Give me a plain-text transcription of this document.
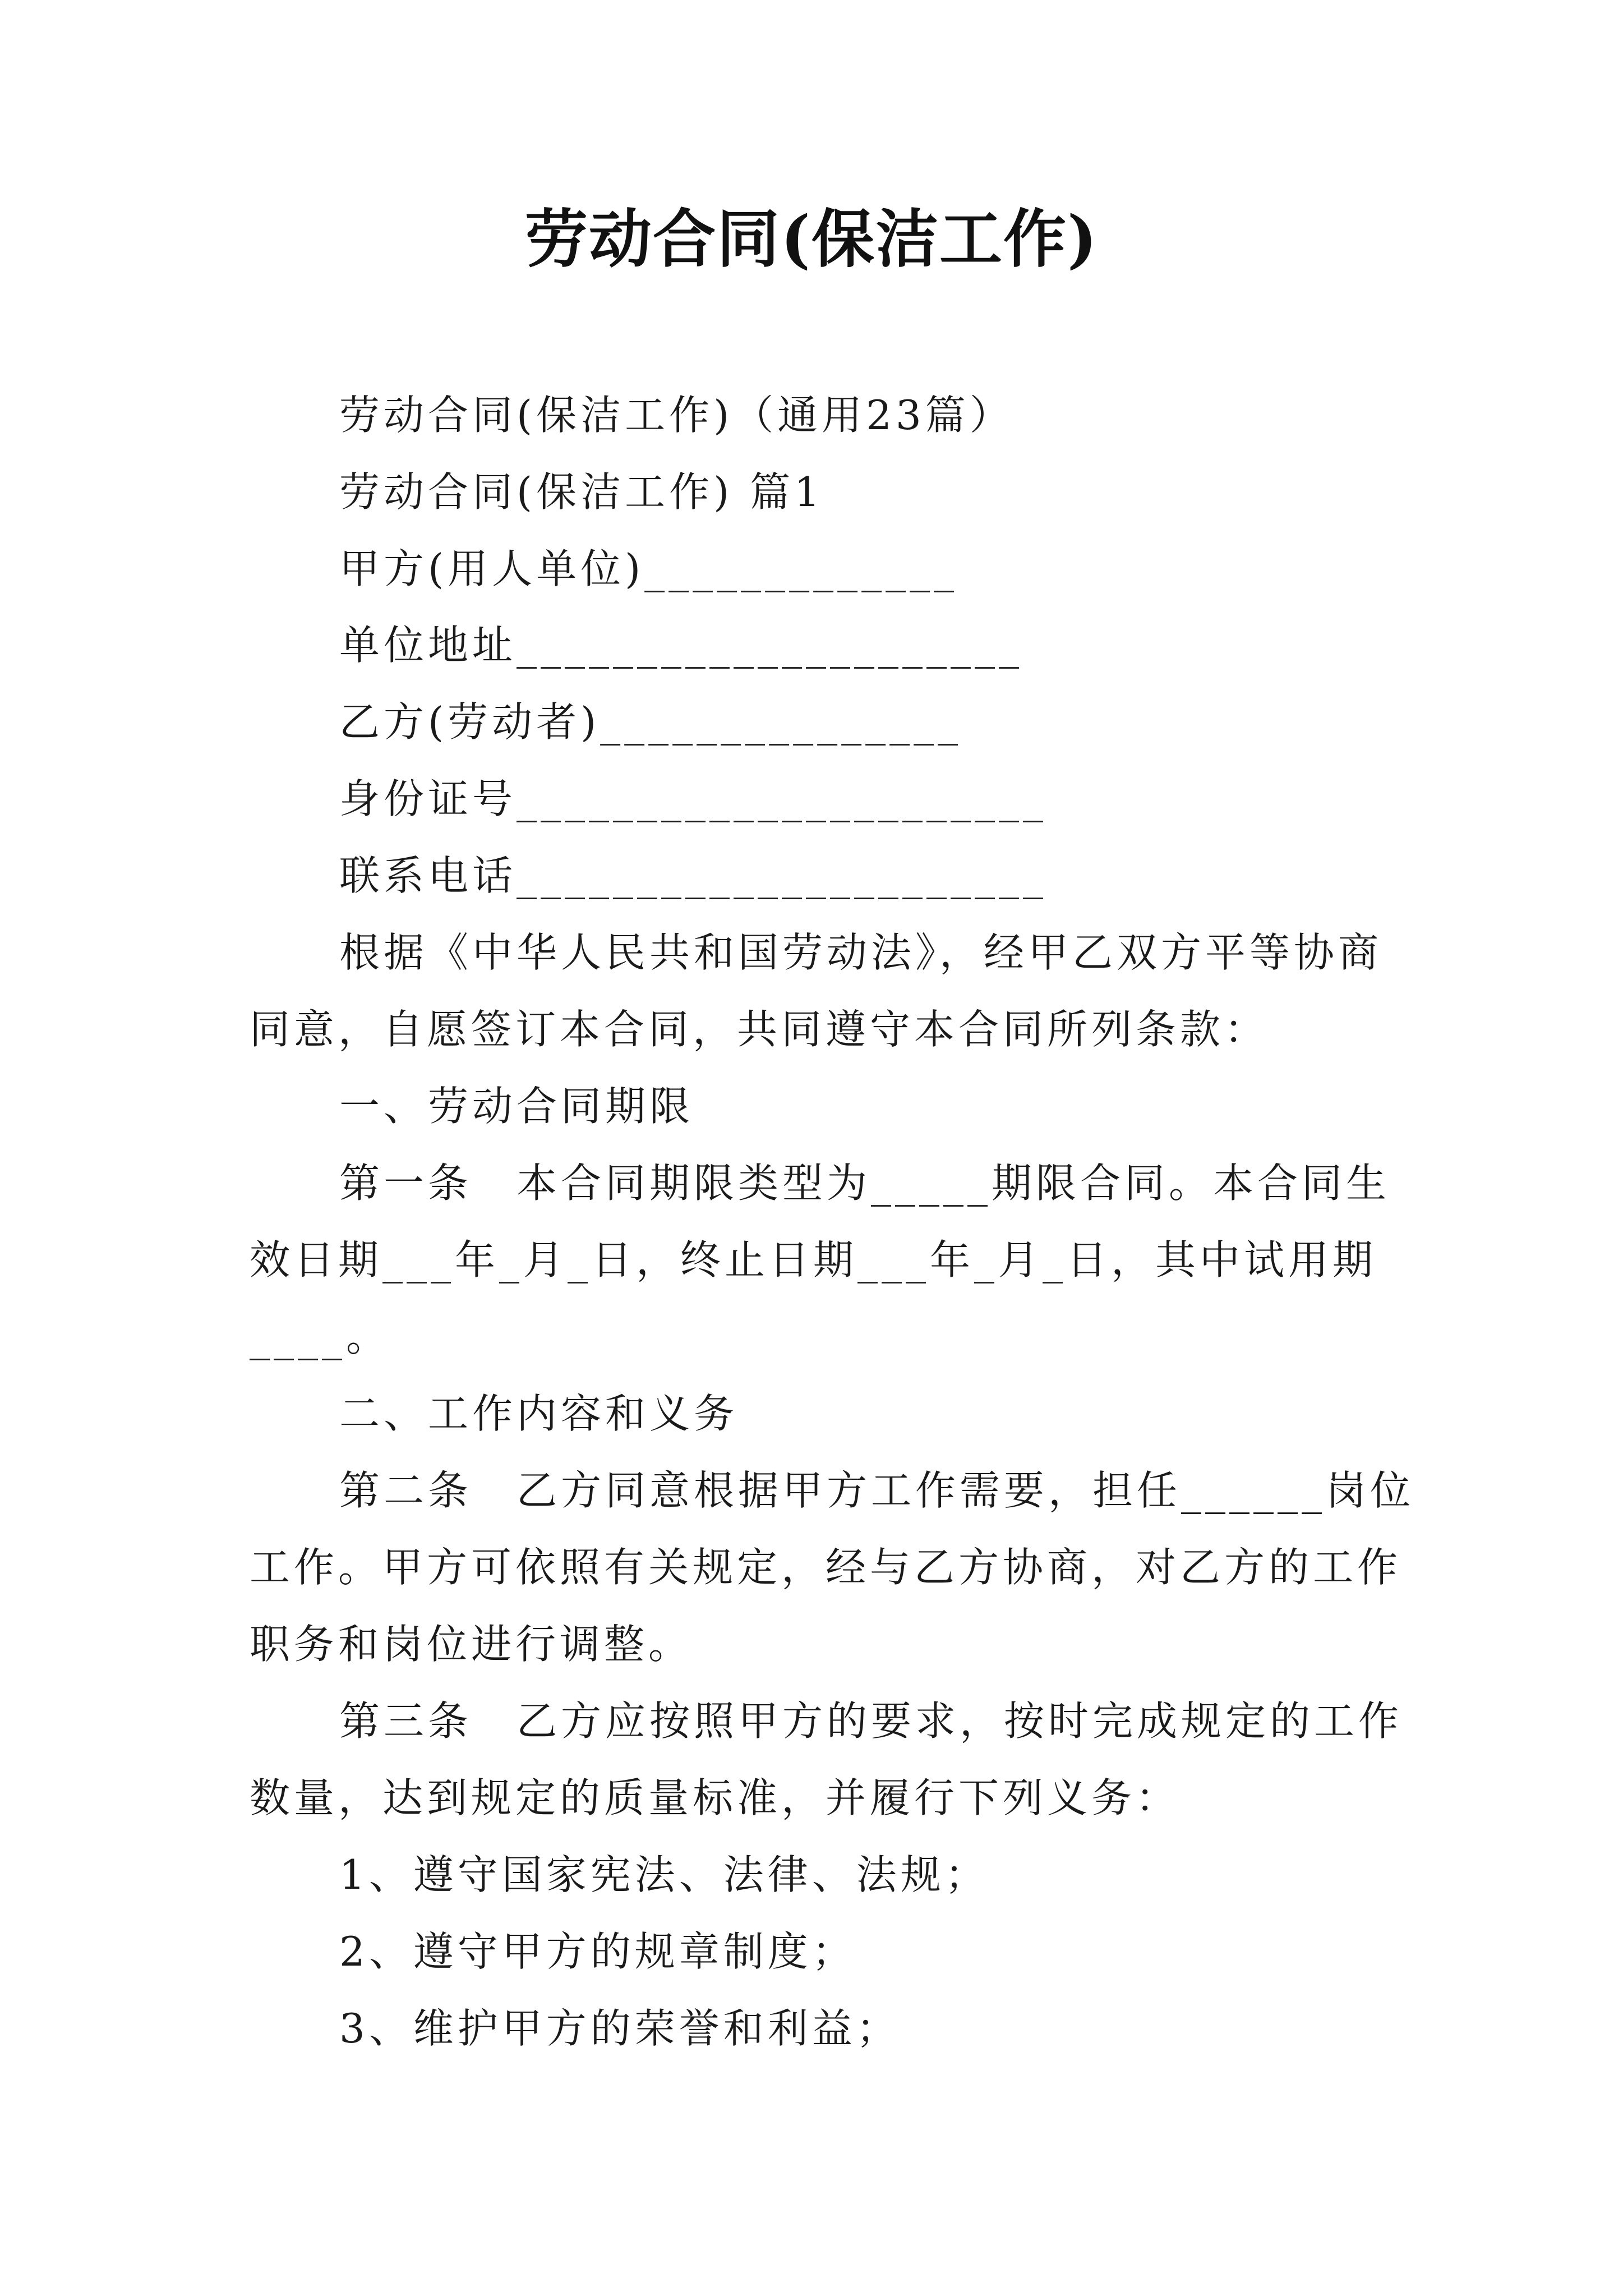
劳动合同(保洁工作)
劳动合同(保洁工作)（通用23篇）
劳动合同(保洁工作) 篇1
甲方(用人单位)_____________
单位地址_____________________
乙方(劳动者)_______________
身份证号______________________
联系电话______________________
根据《中华人民共和国劳动法》，经甲乙双方平等协商
同意，自愿签订本合同，共同遵守本合同所列条款：
一、劳动合同期限
第一条　本合同期限类型为_____期限合同。本合同生
效日期___年_月_日，终止日期___年_月_日，其中试用期
____。
二、工作内容和义务
第二条　乙方同意根据甲方工作需要，担任______岗位
工作。甲方可依照有关规定，经与乙方协商，对乙方的工作
职务和岗位进行调整。
第三条　乙方应按照甲方的要求，按时完成规定的工作
数量，达到规定的质量标准，并履行下列义务：
1、遵守国家宪法、法律、法规；
2、遵守甲方的规章制度；
3、维护甲方的荣誉和利益；
